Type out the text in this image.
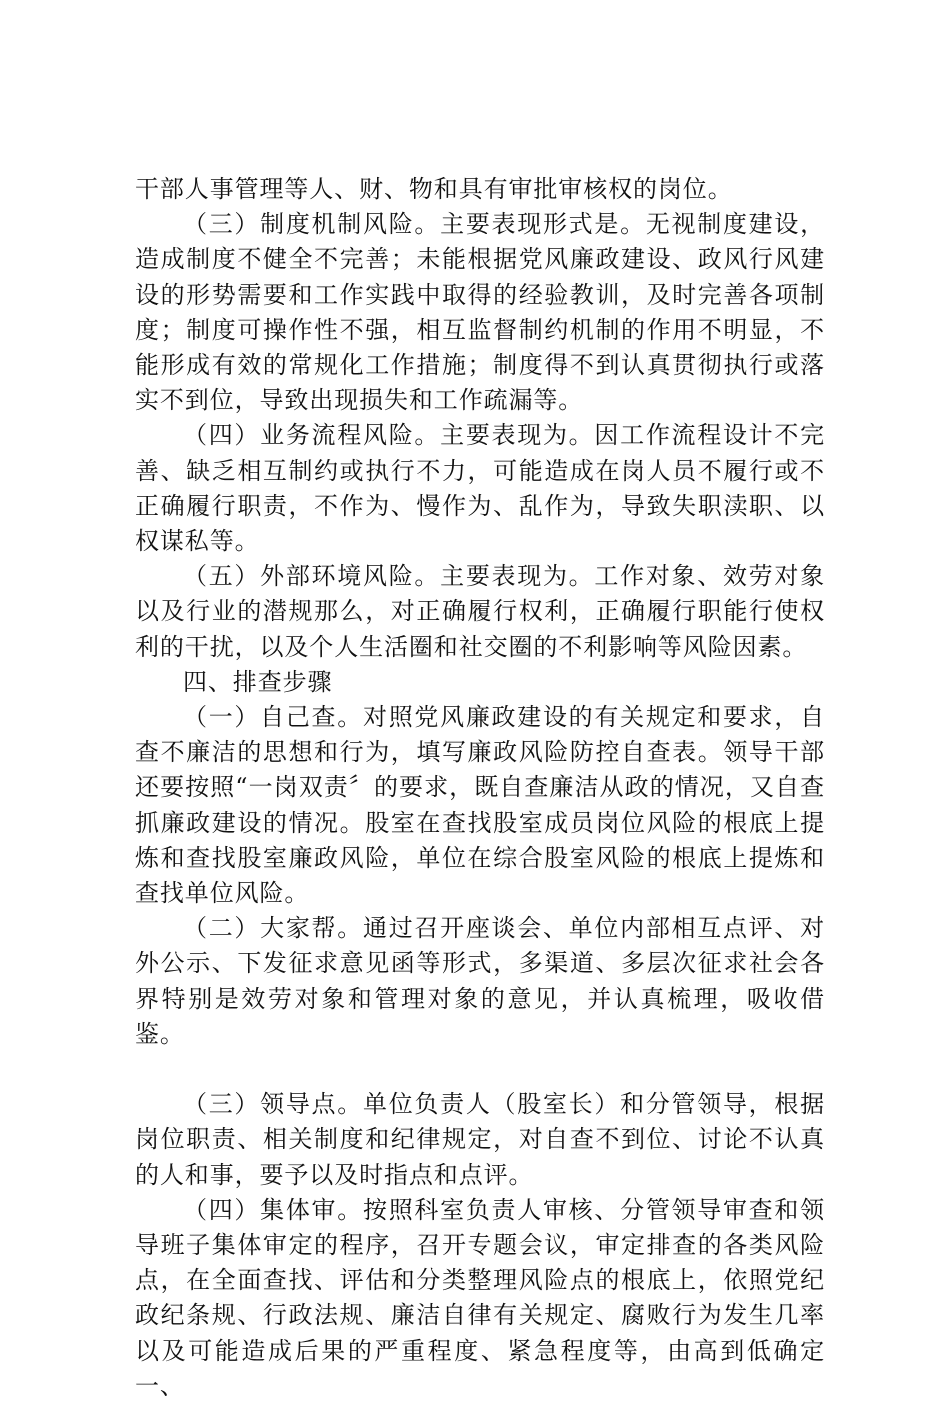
干部人事管理等人、财、物和具有审批审核权的岗位。

（三）制度机制风险。主要表现形式是。无视制度建设，造成制度不健全不完善；未能根据党风廉政建设、政风行风建设的形势需要和工作实践中取得的经验教训，及时完善各项制度；制度可操作性不强，相互监督制约机制的作用不明显，不能形成有效的常规化工作措施；制度得不到认真贯彻执行或落实不到位，导致出现损失和工作疏漏等。

（四）业务流程风险。主要表现为。因工作流程设计不完善、缺乏相互制约或执行不力，可能造成在岗人员不履行或不正确履行职责，不作为、慢作为、乱作为，导致失职渎职、以权谋私等。

（五）外部环境风险。主要表现为。工作对象、效劳对象以及行业的潜规那么，对正确履行权利，正确履行职能行使权利的干扰，以及个人生活圈和社交圈的不利影响等风险因素。

四、排查步骤

（一）自己查。对照党风廉政建设的有关规定和要求，自查不廉洁的思想和行为，填写廉政风险防控自查表。领导干部还要按照“一岗双责〞的要求，既自查廉洁从政的情况，又自查抓廉政建设的情况。股室在查找股室成员岗位风险的根底上提炼和查找股室廉政风险，单位在综合股室风险的根底上提炼和查找单位风险。

（二）大家帮。通过召开座谈会、单位内部相互点评、对外公示、下发征求意见函等形式，多渠道、多层次征求社会各界特别是效劳对象和管理对象的意见，并认真梳理，吸收借鉴。

（三）领导点。单位负责人（股室长）和分管领导，根据岗位职责、相关制度和纪律规定，对自查不到位、讨论不认真的人和事，要予以及时指点和点评。

（四）集体审。按照科室负责人审核、分管领导审查和领导班子集体审定的程序，召开专题会议，审定排查的各类风险点，在全面查找、评估和分类整理风险点的根底上，依照党纪政纪条规、行政法规、廉洁自律有关规定、腐败行为发生几率以及可能造成后果的严重程度、紧急程度等，由高到低确定一、
